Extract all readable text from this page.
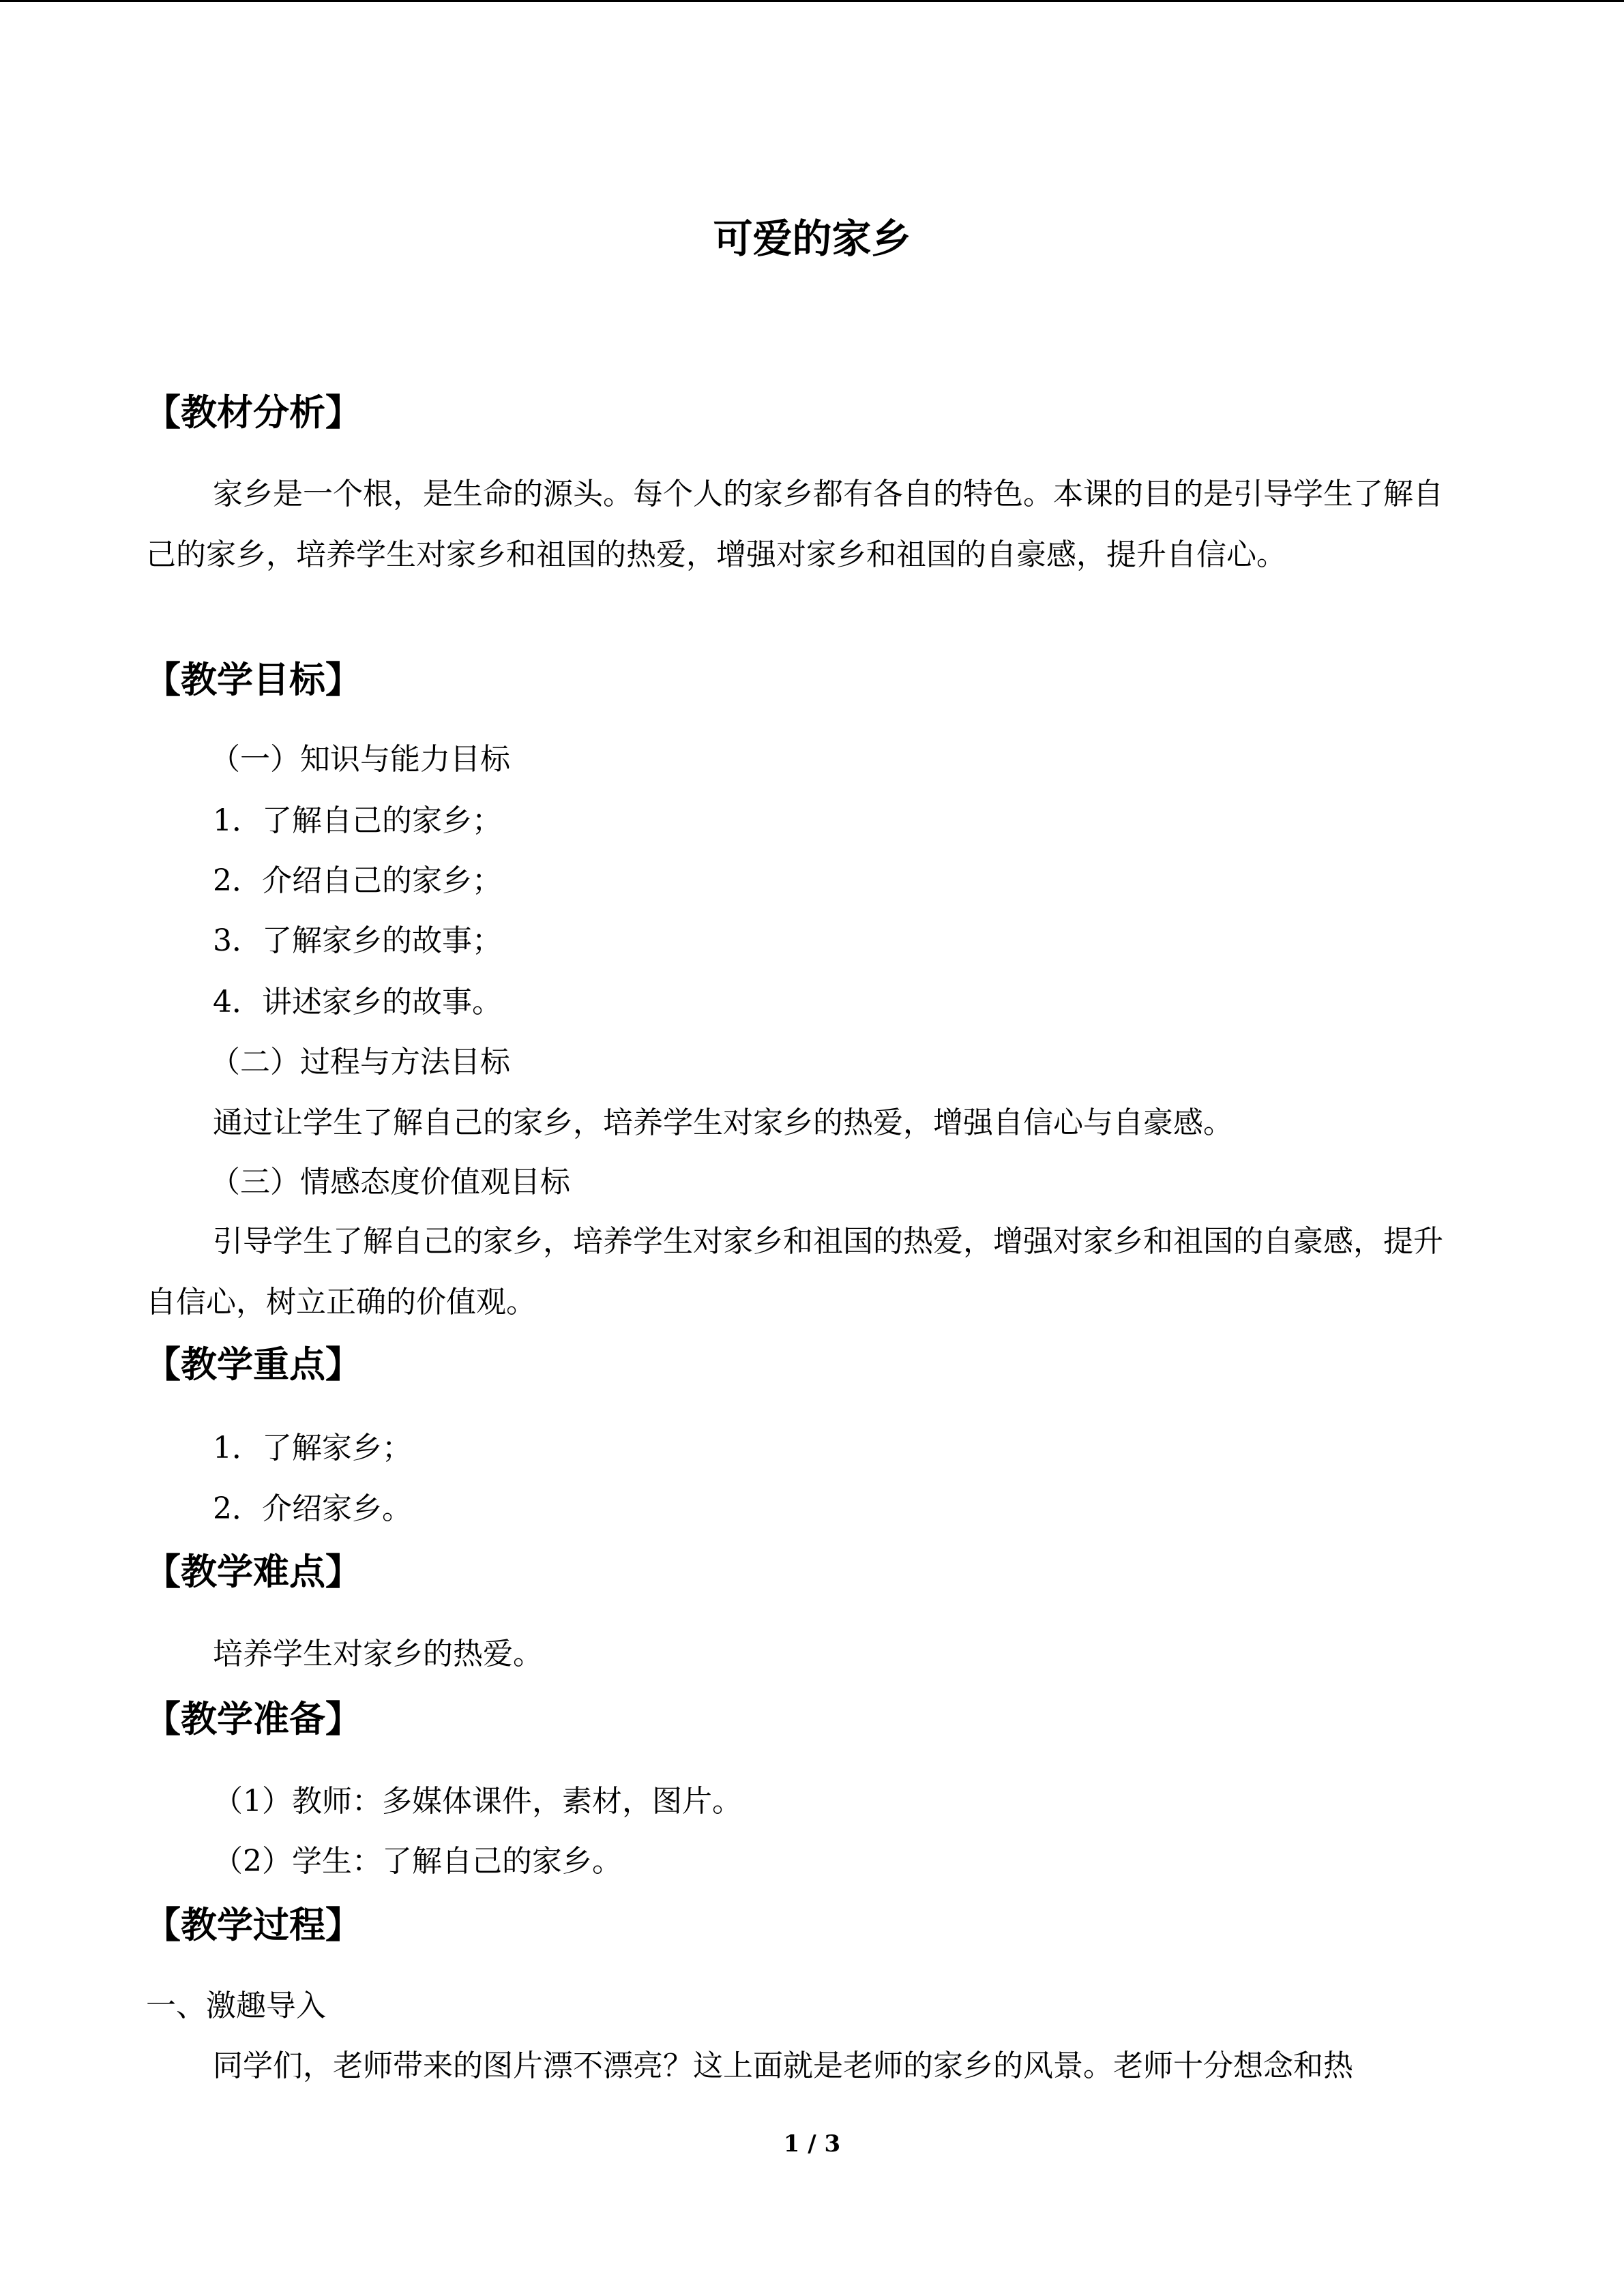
可爱的家乡
【教材分析】
家乡是一个根，是生命的源头。每个人的家乡都有各自的特色。本课的目的是引导学生了解自己的家乡，培养学生对家乡和祖国的热爱，增强对家乡和祖国的自豪感，提升自信心。
【教学目标】
（一）知识与能力目标
1．了解自己的家乡；
2．介绍自己的家乡；
3．了解家乡的故事；
4．讲述家乡的故事。
（二）过程与方法目标
通过让学生了解自己的家乡，培养学生对家乡的热爱，增强自信心与自豪感。
（三）情感态度价值观目标
引导学生了解自己的家乡，培养学生对家乡和祖国的热爱，增强对家乡和祖国的自豪感，提升自信心，树立正确的价值观。
【教学重点】
1．了解家乡；
2．介绍家乡。
【教学难点】
培养学生对家乡的热爱。
【教学准备】
（1）教师：多媒体课件，素材，图片。
（2）学生：了解自己的家乡。
【教学过程】
一、激趣导入
同学们，老师带来的图片漂不漂亮？这上面就是老师的家乡的风景。老师十分想念和热
1 / 3
